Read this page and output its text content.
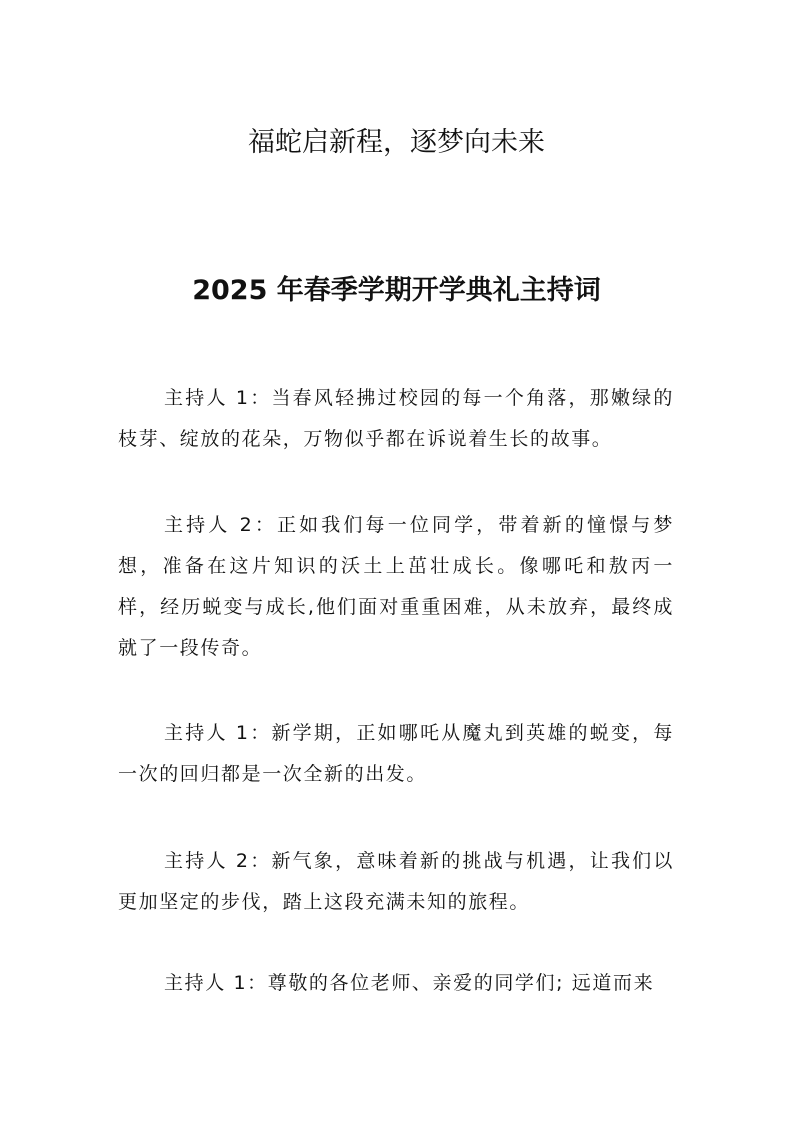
福蛇启新程，逐梦向未来
2025 年春季学期开学典礼主持词

主持人 1：当春风轻拂过校园的每一个角落，那嫩绿的枝芽、绽放的花朵，万物似乎都在诉说着生长的故事。

主持人 2：正如我们每一位同学，带着新的憧憬与梦想，准备在这片知识的沃土上茁壮成长。像哪吒和敖丙一样，经历蜕变与成长,他们面对重重困难，从未放弃，最终成就了一段传奇。

主持人 1：新学期，正如哪吒从魔丸到英雄的蜕变，每一次的回归都是一次全新的出发。

主持人 2：新气象，意味着新的挑战与机遇，让我们以更加坚定的步伐，踏上这段充满未知的旅程。

主持人 1：尊敬的各位老师、亲爱的同学们; 远道而来
